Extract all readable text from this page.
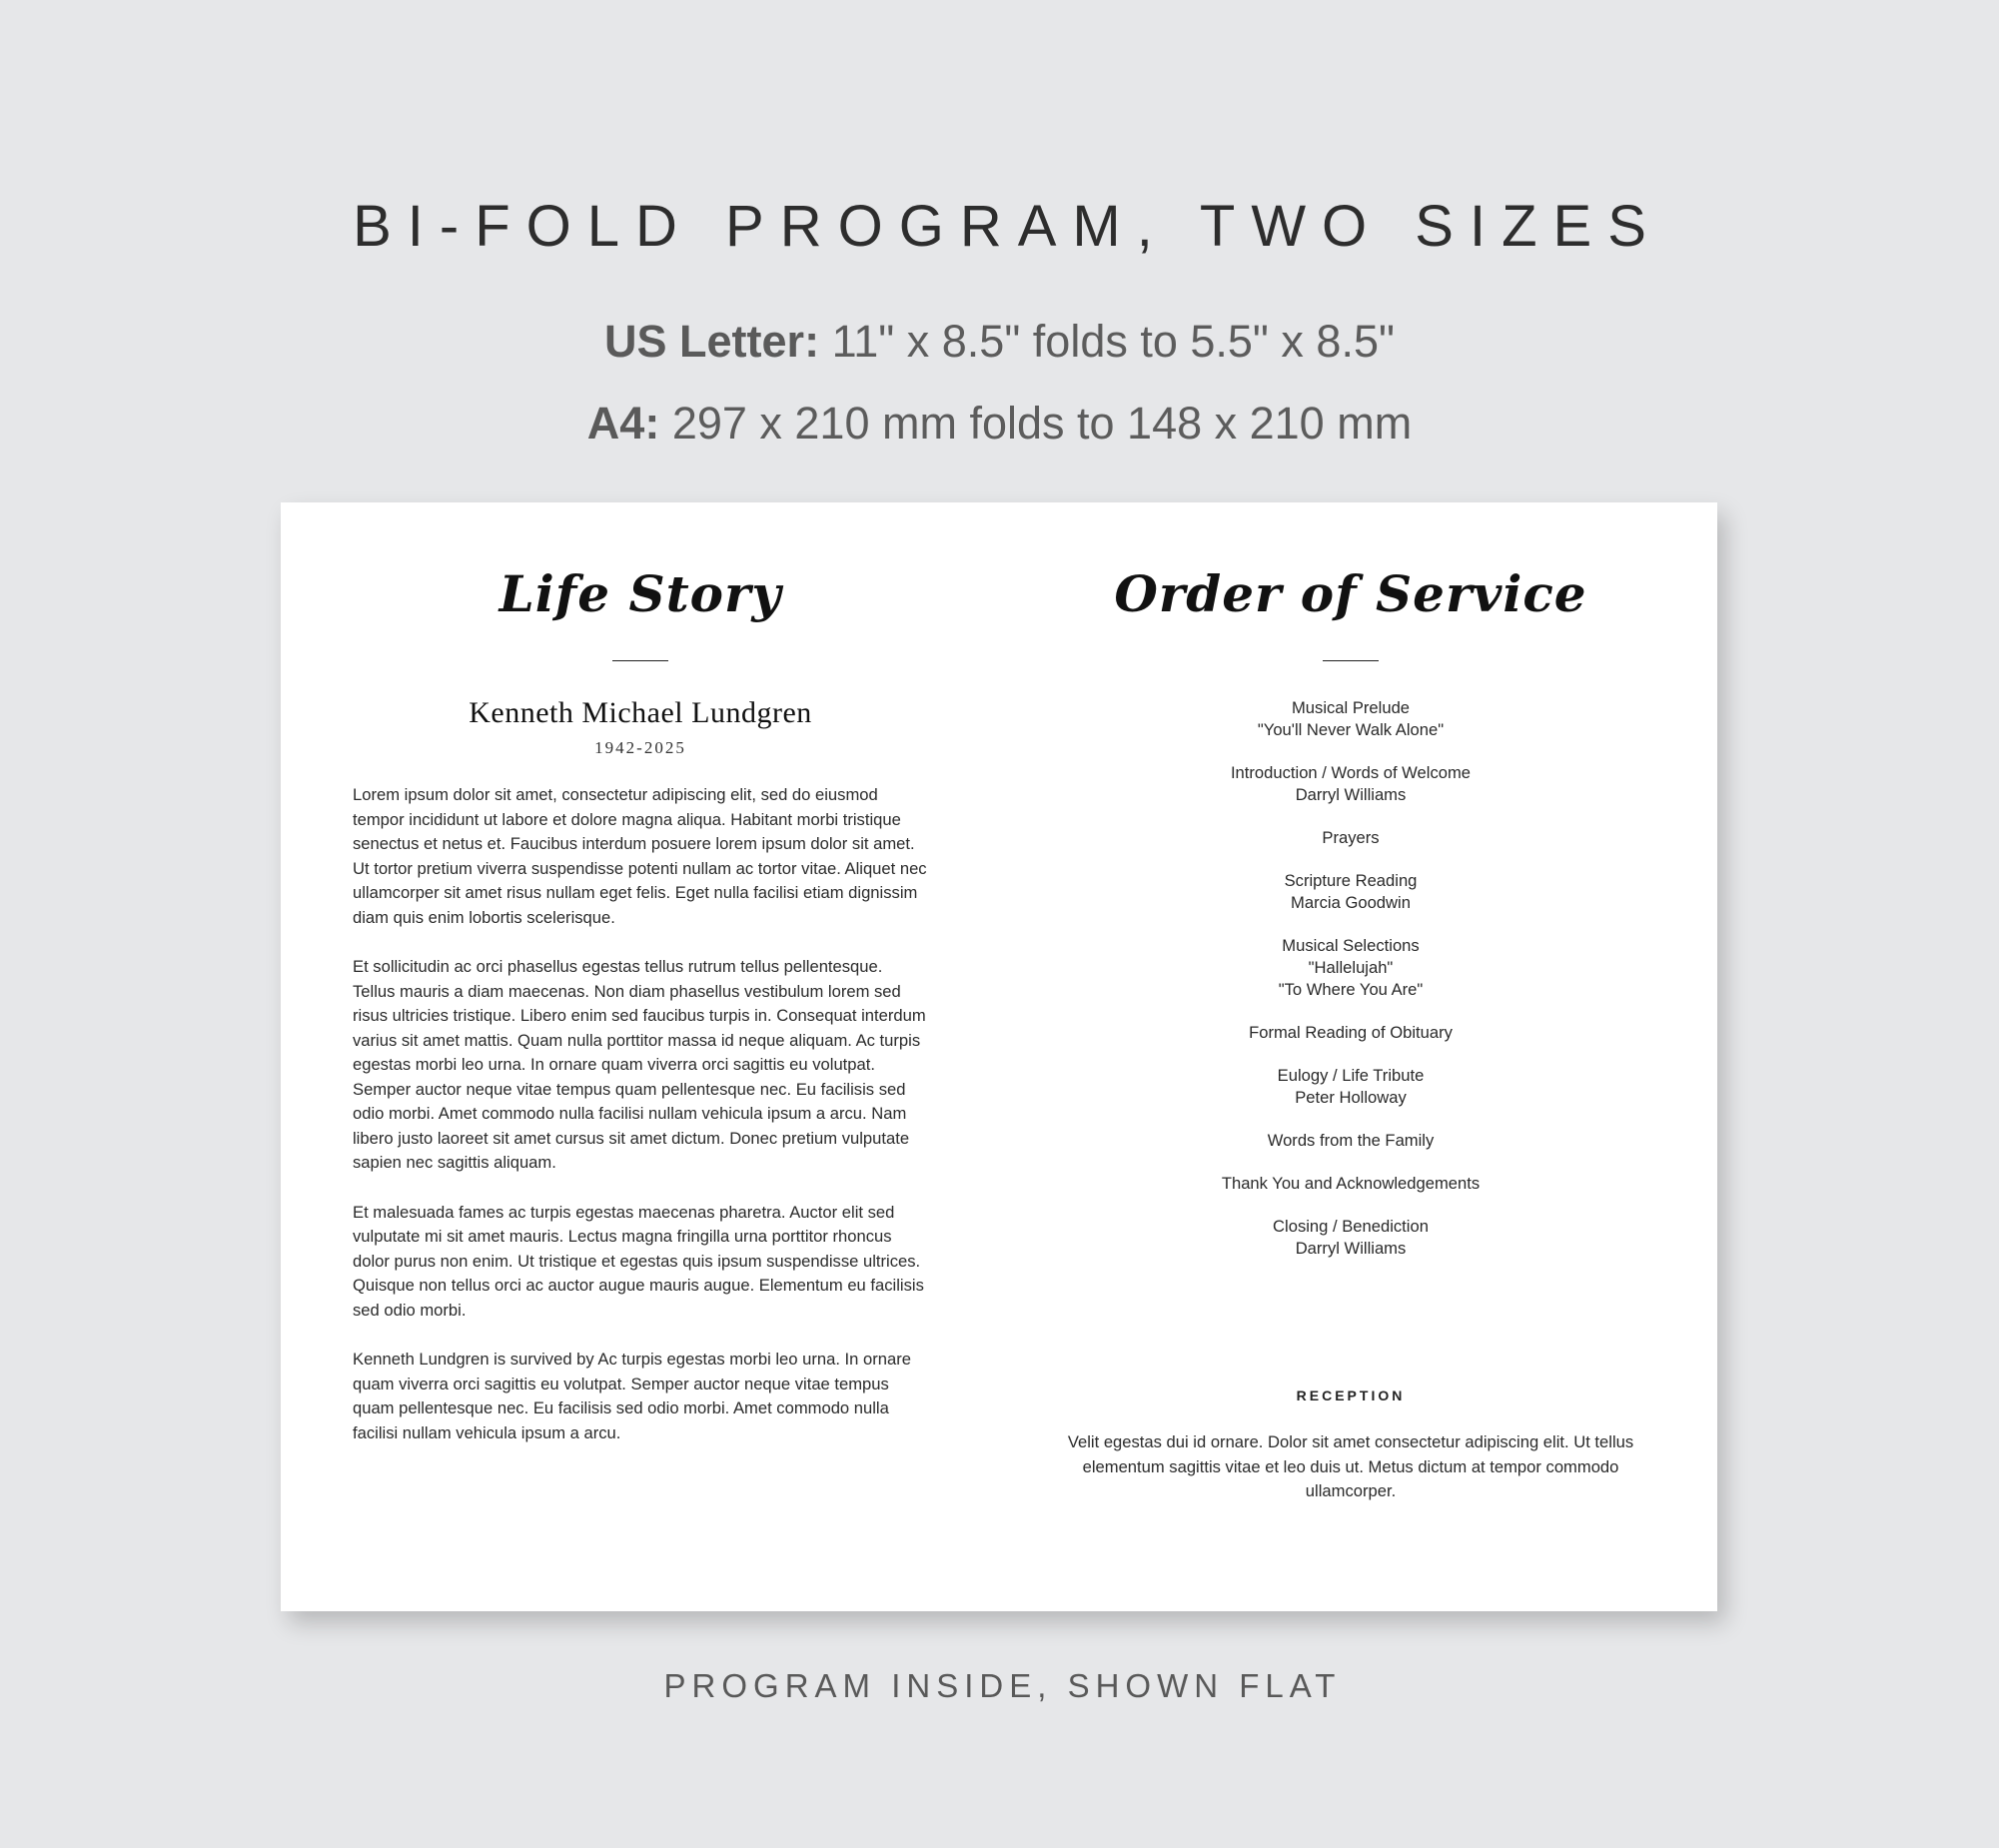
BI-FOLD PROGRAM, TWO SIZES

US Letter: 11" x 8.5" folds to 5.5" x 8.5"

A4: 297 x 210 mm folds to 148 x 210 mm

Life Story

Kenneth Michael Lundgren

1942-2025

Lorem ipsum dolor sit amet, consectetur adipiscing elit, sed do eiusmod tempor incididunt ut labore et dolore magna aliqua. Habitant morbi tristique senectus et netus et. Faucibus interdum posuere lorem ipsum dolor sit amet. Ut tortor pretium viverra suspendisse potenti nullam ac tortor vitae. Aliquet nec ullamcorper sit amet risus nullam eget felis. Eget nulla facilisi etiam dignissim diam quis enim lobortis scelerisque.

Et sollicitudin ac orci phasellus egestas tellus rutrum tellus pellentesque. Tellus mauris a diam maecenas. Non diam phasellus vestibulum lorem sed risus ultricies tristique. Libero enim sed faucibus turpis in. Consequat interdum varius sit amet mattis. Quam nulla porttitor massa id neque aliquam. Ac turpis egestas morbi leo urna. In ornare quam viverra orci sagittis eu volutpat. Semper auctor neque vitae tempus quam pellentesque nec. Eu facilisis sed odio morbi. Amet commodo nulla facilisi nullam vehicula ipsum a arcu. Nam libero justo laoreet sit amet cursus sit amet dictum. Donec pretium vulputate sapien nec sagittis aliquam.

Et malesuada fames ac turpis egestas maecenas pharetra. Auctor elit sed vulputate mi sit amet mauris. Lectus magna fringilla urna porttitor rhoncus dolor purus non enim. Ut tristique et egestas quis ipsum suspendisse ultrices. Quisque non tellus orci ac auctor augue mauris augue. Elementum eu facilisis sed odio morbi.

Kenneth Lundgren is survived by Ac turpis egestas morbi leo urna. In ornare quam viverra orci sagittis eu volutpat. Semper auctor neque vitae tempus quam pellentesque nec. Eu facilisis sed odio morbi. Amet commodo nulla facilisi nullam vehicula ipsum a arcu.

Order of Service
Musical Prelude
"You'll Never Walk Alone"
Introduction / Words of Welcome
Darryl Williams
Prayers
Scripture Reading
Marcia Goodwin
Musical Selections
"Hallelujah"
"To Where You Are"
Formal Reading of Obituary
Eulogy / Life Tribute
Peter Holloway
Words from the Family
Thank You and Acknowledgements
Closing / Benediction
Darryl Williams

RECEPTION

Velit egestas dui id ornare. Dolor sit amet consectetur adipiscing elit. Ut tellus elementum sagittis vitae et leo duis ut. Metus dictum at tempor commodo ullamcorper.

PROGRAM INSIDE, SHOWN FLAT
